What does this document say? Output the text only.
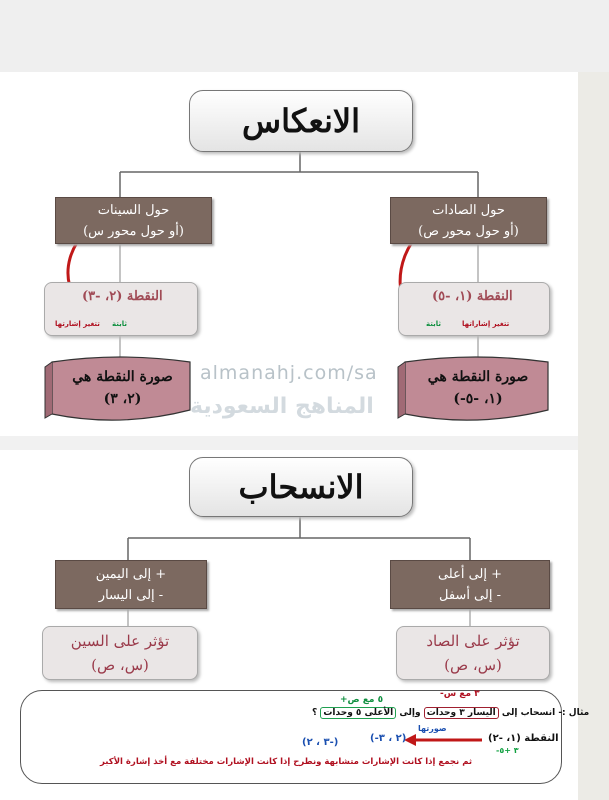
الانعكاس
حول السينات
(أو حول محور س)
حول الصادات
(أو حول محور ص)
النقطة (٢، -٣)
تتغير إشارتها ثابتة
النقطة (١، -٥)
تتغير إشاراتها
ثابتة
صورة النقطة هي
(٢، ٣)
صورة النقطة هي
(-١، -٥)
almanahj.com/sa
المناهج السعودية
الانسحاب
إلى اليمين +
إلى اليسار -
إلى أعلى +
إلى أسفل -
تؤثر على السين
(س، ص)
تؤثر على الصاد
(س، ص)
+٥ مع ص
-٣ مع س
مثال :- انسحاب إلى اليسار ٣ وحدات وإلى الأعلى ٥ وحدات ؟
النقطة (١، -٢)
-٣ +٥
صورتها
(-٢ ، ٣)
(٣ ، ٢-)
ثم نجمع إذا كانت الإشارات متشابهة ونطرح إذا كانت الإشارات مختلفة مع أخذ إشارة الأكبر
